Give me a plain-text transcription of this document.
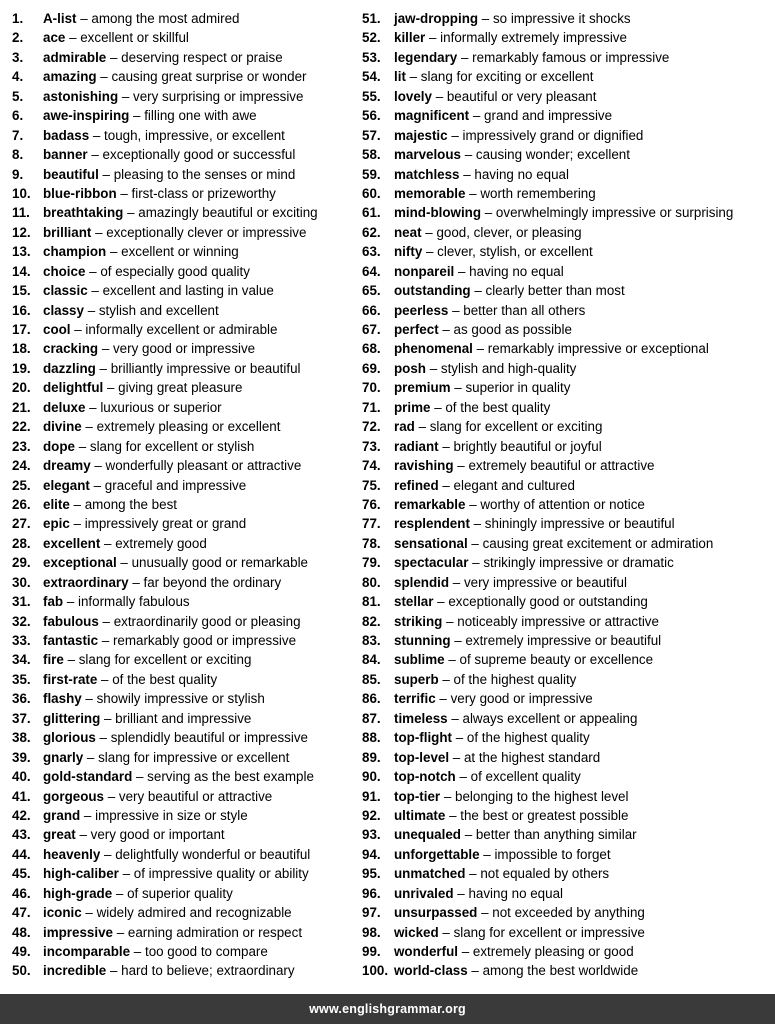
1. A-list – among the most admired
2. ace – excellent or skillful
3. admirable – deserving respect or praise
4. amazing – causing great surprise or wonder
5. astonishing – very surprising or impressive
6. awe-inspiring – filling one with awe
7. badass – tough, impressive, or excellent
8. banner – exceptionally good or successful
9. beautiful – pleasing to the senses or mind
10. blue-ribbon – first-class or prizeworthy
11. breathtaking – amazingly beautiful or exciting
12. brilliant – exceptionally clever or impressive
13. champion – excellent or winning
14. choice – of especially good quality
15. classic – excellent and lasting in value
16. classy – stylish and excellent
17. cool – informally excellent or admirable
18. cracking – very good or impressive
19. dazzling – brilliantly impressive or beautiful
20. delightful – giving great pleasure
21. deluxe – luxurious or superior
22. divine – extremely pleasing or excellent
23. dope – slang for excellent or stylish
24. dreamy – wonderfully pleasant or attractive
25. elegant – graceful and impressive
26. elite – among the best
27. epic – impressively great or grand
28. excellent – extremely good
29. exceptional – unusually good or remarkable
30. extraordinary – far beyond the ordinary
31. fab – informally fabulous
32. fabulous – extraordinarily good or pleasing
33. fantastic – remarkably good or impressive
34. fire – slang for excellent or exciting
35. first-rate – of the best quality
36. flashy – showily impressive or stylish
37. glittering – brilliant and impressive
38. glorious – splendidly beautiful or impressive
39. gnarly – slang for impressive or excellent
40. gold-standard – serving as the best example
41. gorgeous – very beautiful or attractive
42. grand – impressive in size or style
43. great – very good or important
44. heavenly – delightfully wonderful or beautiful
45. high-caliber – of impressive quality or ability
46. high-grade – of superior quality
47. iconic – widely admired and recognizable
48. impressive – earning admiration or respect
49. incomparable – too good to compare
50. incredible – hard to believe; extraordinary
51. jaw-dropping – so impressive it shocks
52. killer – informally extremely impressive
53. legendary – remarkably famous or impressive
54. lit – slang for exciting or excellent
55. lovely – beautiful or very pleasant
56. magnificent – grand and impressive
57. majestic – impressively grand or dignified
58. marvelous – causing wonder; excellent
59. matchless – having no equal
60. memorable – worth remembering
61. mind-blowing – overwhelmingly impressive or surprising
62. neat – good, clever, or pleasing
63. nifty – clever, stylish, or excellent
64. nonpareil – having no equal
65. outstanding – clearly better than most
66. peerless – better than all others
67. perfect – as good as possible
68. phenomenal – remarkably impressive or exceptional
69. posh – stylish and high-quality
70. premium – superior in quality
71. prime – of the best quality
72. rad – slang for excellent or exciting
73. radiant – brightly beautiful or joyful
74. ravishing – extremely beautiful or attractive
75. refined – elegant and cultured
76. remarkable – worthy of attention or notice
77. resplendent – shiningly impressive or beautiful
78. sensational – causing great excitement or admiration
79. spectacular – strikingly impressive or dramatic
80. splendid – very impressive or beautiful
81. stellar – exceptionally good or outstanding
82. striking – noticeably impressive or attractive
83. stunning – extremely impressive or beautiful
84. sublime – of supreme beauty or excellence
85. superb – of the highest quality
86. terrific – very good or impressive
87. timeless – always excellent or appealing
88. top-flight – of the highest quality
89. top-level – at the highest standard
90. top-notch – of excellent quality
91. top-tier – belonging to the highest level
92. ultimate – the best or greatest possible
93. unequaled – better than anything similar
94. unforgettable – impossible to forget
95. unmatched – not equaled by others
96. unrivaled – having no equal
97. unsurpassed – not exceeded by anything
98. wicked – slang for excellent or impressive
99. wonderful – extremely pleasing or good
100. world-class – among the best worldwide
www.englishgrammar.org
